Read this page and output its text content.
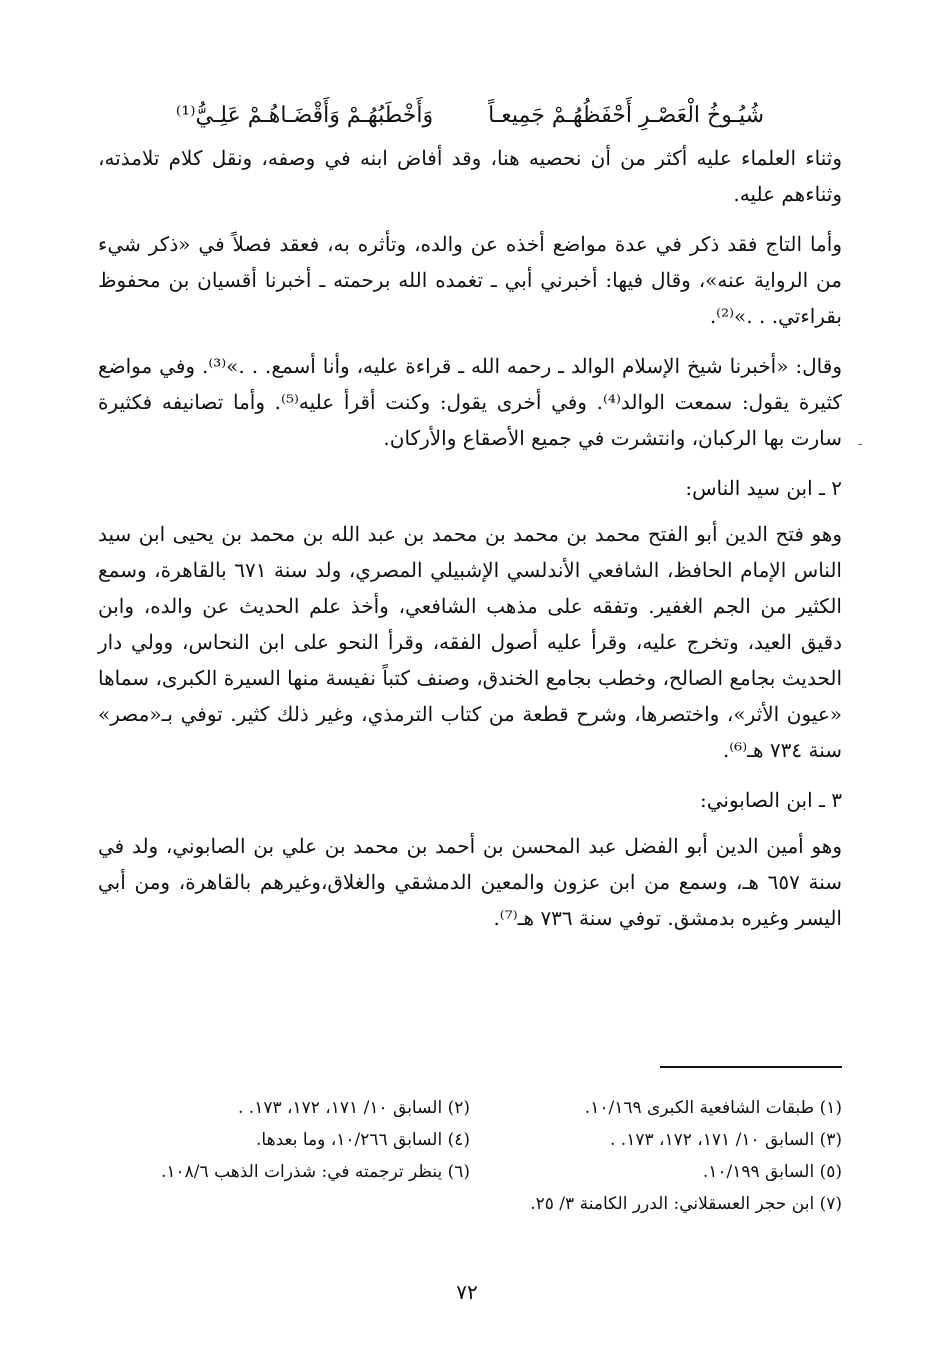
شُيُـوخُ الْعَصْـرِ أَحْفَظُهُـمْ جَمِيعـاً وَأَخْطَبُهُـمْ وَأَقْضَـاهُـمْ عَلِـيُّ⁽¹⁾

وثناء العلماء عليه أكثر من أن نحصيه هنا، وقد أفاض ابنه في وصفه، ونقل كلام تلامذته، وثناءهم عليه.

وأما التاج فقد ذكر في عدة مواضع أخذه عن والده، وتأثره به، فعقد فصلاً في «ذكر شيء من الرواية عنه»، وقال فيها: أخبرني أبي ـ تغمده الله برحمته ـ أخبرنا أقسيان بن محفوظ بقراءتي. . .»⁽²⁾.

وقال: «أخبرنا شيخ الإسلام الوالد ـ رحمه الله ـ قراءة عليه، وأنا أسمع. . .»⁽³⁾. وفي مواضع كثيرة يقول: سمعت الوالد⁽⁴⁾. وفي أخرى يقول: وكنت أقرأ عليه⁽⁵⁾. وأما تصانيفه فكثيرة سارت بها الركبان، وانتشرت في جميع الأصقاع والأركان.

٢ ـ ابن سيد الناس:

وهو فتح الدين أبو الفتح محمد بن محمد بن محمد بن عبد الله بن محمد بن يحيى ابن سيد الناس الإمام الحافظ، الشافعي الأندلسي الإشبيلي المصري، ولد سنة ٦٧١ بالقاهرة، وسمع الكثير من الجم الغفير. وتفقه على مذهب الشافعي، وأخذ علم الحديث عن والده، وابن دقيق العيد، وتخرج عليه، وقرأ عليه أصول الفقه، وقرأ النحو على ابن النحاس، وولي دار الحديث بجامع الصالح، وخطب بجامع الخندق، وصنف كتباً نفيسة منها السيرة الكبرى، سماها «عيون الأثر»، واختصرها، وشرح قطعة من كتاب الترمذي، وغير ذلك كثير. توفي بـ«مصر» سنة ٧٣٤ هـ⁽⁶⁾.

٣ ـ ابن الصابوني:

وهو أمين الدين أبو الفضل عبد المحسن بن أحمد بن محمد بن علي بن الصابوني، ولد في سنة ٦٥٧ هـ، وسمع من ابن عزون والمعين الدمشقي والغلاق،وغيرهم بالقاهرة، ومن أبي اليسر وغيره بدمشق. توفي سنة ٧٣٦ هـ⁽⁷⁾.

-
(١) طبقات الشافعية الكبرى ١٠/١٦٩.
(٢) السابق ١٠/ ١٧١، ١٧٢، ١٧٣. .
(٣) السابق ١٠/ ١٧١، ١٧٢، ١٧٣. .
(٤) السابق ١٠/٢٦٦، وما بعدها.
(٥) السابق ١٠/١٩٩.
(٦) ينظر ترجمته في: شذرات الذهب ١٠٨/٦.
(٧) ابن حجر العسقلاني: الدرر الكامنة ٣/ ٢٥.
٧٢
